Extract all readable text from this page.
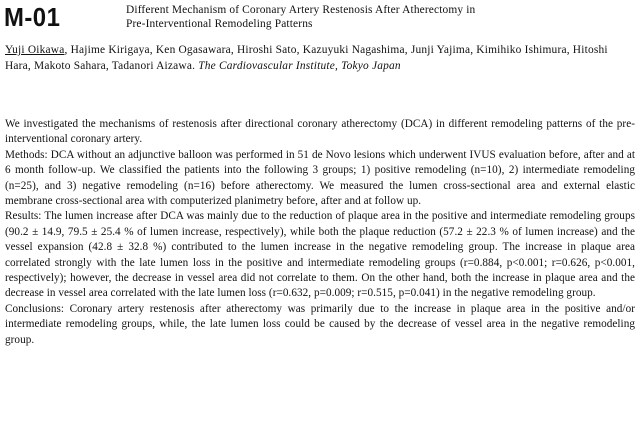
M-01	Different Mechanism of Coronary Artery Restenosis After Atherectomy in
Pre-Interventional Remodeling Patterns
Yuji Oikawa, Hajime Kirigaya, Ken Ogasawara, Hiroshi Sato, Kazuyuki Nagashima, Junji Yajima, Kimihiko Ishimura, Hitoshi Hara, Makoto Sahara, Tadanori Aizawa. The Cardiovascular Institute, Tokyo Japan

We investigated the mechanisms of restenosis after directional coronary atherectomy (DCA) in different remodeling patterns of the pre-interventional coronary artery.

Methods: DCA without an adjunctive balloon was performed in 51 de Novo lesions which underwent IVUS evaluation before, after and at 6 month follow-up. We classified the patients into the following 3 groups; 1) positive remodeling (n=10), 2) intermediate remodeling (n=25), and 3) negative remodeling (n=16) before atherectomy. We measured the lumen cross-sectional area and external elastic membrane cross-sectional area with computerized planimetry before, after and at follow up.

Results: The lumen increase after DCA was mainly due to the reduction of plaque area in the positive and intermediate remodeling groups (90.2 ± 14.9, 79.5 ± 25.4 % of lumen increase, respectively), while both the plaque reduction (57.2 ± 22.3 % of lumen increase) and the vessel expansion (42.8 ± 32.8 %) contributed to the lumen increase in the negative remodeling group. The increase in plaque area correlated strongly with the late lumen loss in the positive and intermediate remodeling groups (r=0.884, p<0.001; r=0.626, p<0.001, respectively); however, the decrease in vessel area did not correlate to them. On the other hand, both the increase in plaque area and the decrease in vessel area correlated with the late lumen loss (r=0.632, p=0.009; r=0.515, p=0.041) in the negative remodeling group.

Conclusions: Coronary artery restenosis after atherectomy was primarily due to the increase in plaque area in the positive and/or intermediate remodeling groups, while, the late lumen loss could be caused by the decrease of vessel area in the negative remodeling group.
